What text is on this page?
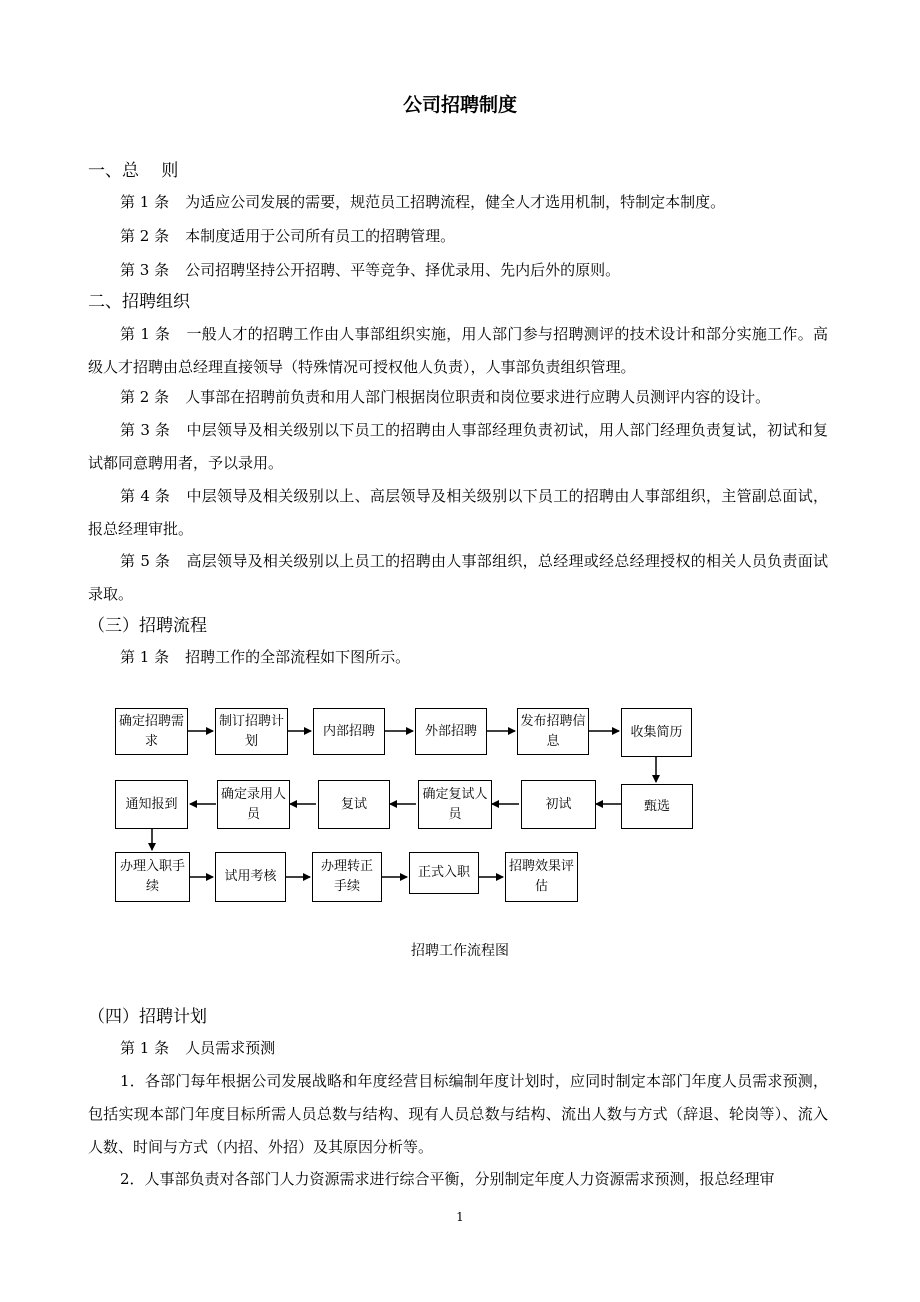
公司招聘制度
一、总　 则
第 1 条 为适应公司发展的需要，规范员工招聘流程，健全人才选用机制，特制定本制度。
第 2 条 本制度适用于公司所有员工的招聘管理。
第 3 条 公司招聘坚持公开招聘、平等竞争、择优录用、先内后外的原则。
二、招聘组织
第 1 条 一般人才的招聘工作由人事部组织实施，用人部门参与招聘测评的技术设计和部分实施工作。高级人才招聘由总经理直接领导（特殊情况可授权他人负责），人事部负责组织管理。
第 2 条 人事部在招聘前负责和用人部门根据岗位职责和岗位要求进行应聘人员测评内容的设计。
第 3 条 中层领导及相关级别以下员工的招聘由人事部经理负责初试，用人部门经理负责复试，初试和复试都同意聘用者，予以录用。
第 4 条 中层领导及相关级别以上、高层领导及相关级别以下员工的招聘由人事部组织，主管副总面试，报总经理审批。
第 5 条 高层领导及相关级别以上员工的招聘由人事部组织，总经理或经总经理授权的相关人员负责面试录取。
（三）招聘流程
第 1 条 招聘工作的全部流程如下图所示。
确定招聘需求
制订招聘计划
内部招聘	外部招聘
发布招聘信息
收集简历
通知报到
确定录用人员
复试
确定复试人员
初试	甄选
办理入职手续
试用考核
办理转正手续
正式入职	招聘效果评估
招聘工作流程图
（四）招聘计划
第 1 条 人员需求预测
1．各部门每年根据公司发展战略和年度经营目标编制年度计划时，应同时制定本部门年度人员需求预测，包括实现本部门年度目标所需人员总数与结构、现有人员总数与结构、流出人数与方式（辞退、轮岗等）、流入人数、时间与方式（内招、外招）及其原因分析等。
2．人事部负责对各部门人力资源需求进行综合平衡，分别制定年度人力资源需求预测，报总经理审
1
